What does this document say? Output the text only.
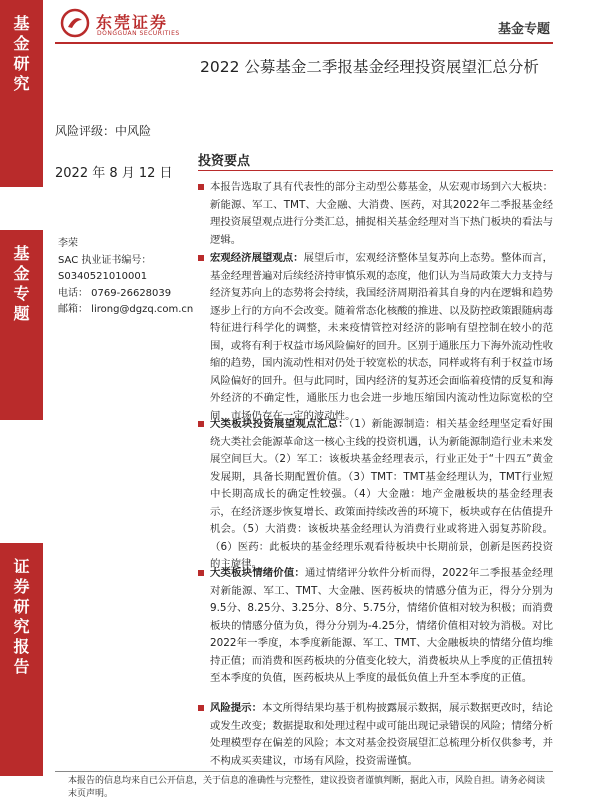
基
金
研
究
基
金
专
题
证
券
研
究
报
告
东莞证券
DONGGUAN SECURITIES	基金专题
2022 公募基金二季报基金经理投资展望汇总分析
风险评级：中风险
2022 年 8 月 12 日
李荣
SAC 执业证书编号：
S0340521010001
电话： 0769-26628039
邮箱： lirong@dgzq.com.cn
投资要点
本报告选取了具有代表性的部分主动型公募基金，从宏观市场到六大板块：新能源、军工、TMT、大金融、大消费、医药，对其2022年二季报基金经理投资展望观点进行分类汇总，捕捉相关基金经理对当下热门板块的看法与逻辑。
宏观经济展望观点：展望后市，宏观经济整体呈复苏向上态势。整体而言，基金经理普遍对后续经济持审慎乐观的态度，他们认为当局政策大力支持与经济复苏向上的态势将会持续，我国经济周期沿着其自身的内在逻辑和趋势逐步上行的方向不会改变。随着常态化核酸的推进、以及防控政策跟随病毒特征进行科学化的调整，未来疫情管控对经济的影响有望控制在较小的范围，或将有利于权益市场风险偏好的回升。区别于通胀压力下海外流动性收缩的趋势，国内流动性相对仍处于较宽松的状态，同样或将有利于权益市场风险偏好的回升。但与此同时，国内经济的复苏还会面临着疫情的反复和海外经济的不确定性，通胀压力也会进一步地压缩国内流动性边际宽松的空间，市场仍存在一定的波动性。
大类板块投资展望观点汇总：（1）新能源制造：相关基金经理坚定看好围绕大类社会能源革命这一核心主线的投资机遇，认为新能源制造行业未来发展空间巨大。（2）军工：该板块基金经理表示，行业正处于“十四五”黄金发展期，具备长期配置价值。（3）TMT：TMT基金经理认为，TMT行业短中长期高成长的确定性较强。（4）大金融：地产金融板块的基金经理表示，在经济逐步恢复增长、政策面持续改善的环境下，板块或存在估值提升机会。（5）大消费：该板块基金经理认为消费行业或将进入弱复苏阶段。（6）医药：此板块的基金经理乐观看待板块中长期前景，创新是医药投资的主旋律。
大类板块情绪价值：通过情绪评分软件分析而得，2022年二季报基金经理对新能源、军工、TMT、大金融、医药板块的情感分值为正，得分分别为9.5分、8.25分、3.25分、8分、5.75分，情绪价值相对较为积极；而消费板块的情感分值为负，得分分别为-4.25分，情绪价值相对较为消极。对比2022年一季度，本季度新能源、军工、TMT、大金融板块的情绪分值均维持正值；而消费和医药板块的分值变化较大，消费板块从上季度的正值扭转至本季度的负值，医药板块从上季度的最低负值上升至本季度的正值。
风险提示：本文所得结果均基于机构披露展示数据，展示数据更改时，结论或发生改变；数据提取和处理过程中或可能出现记录错误的风险；情绪分析处理模型存在偏差的风险；本文对基金投资展望汇总梳理分析仅供参考，并不构成买卖建议，市场有风险，投资需谨慎。
本报告的信息均来自已公开信息，关于信息的准确性与完整性，建议投资者谨慎判断，据此入市，风险自担。请务必阅读末页声明。
